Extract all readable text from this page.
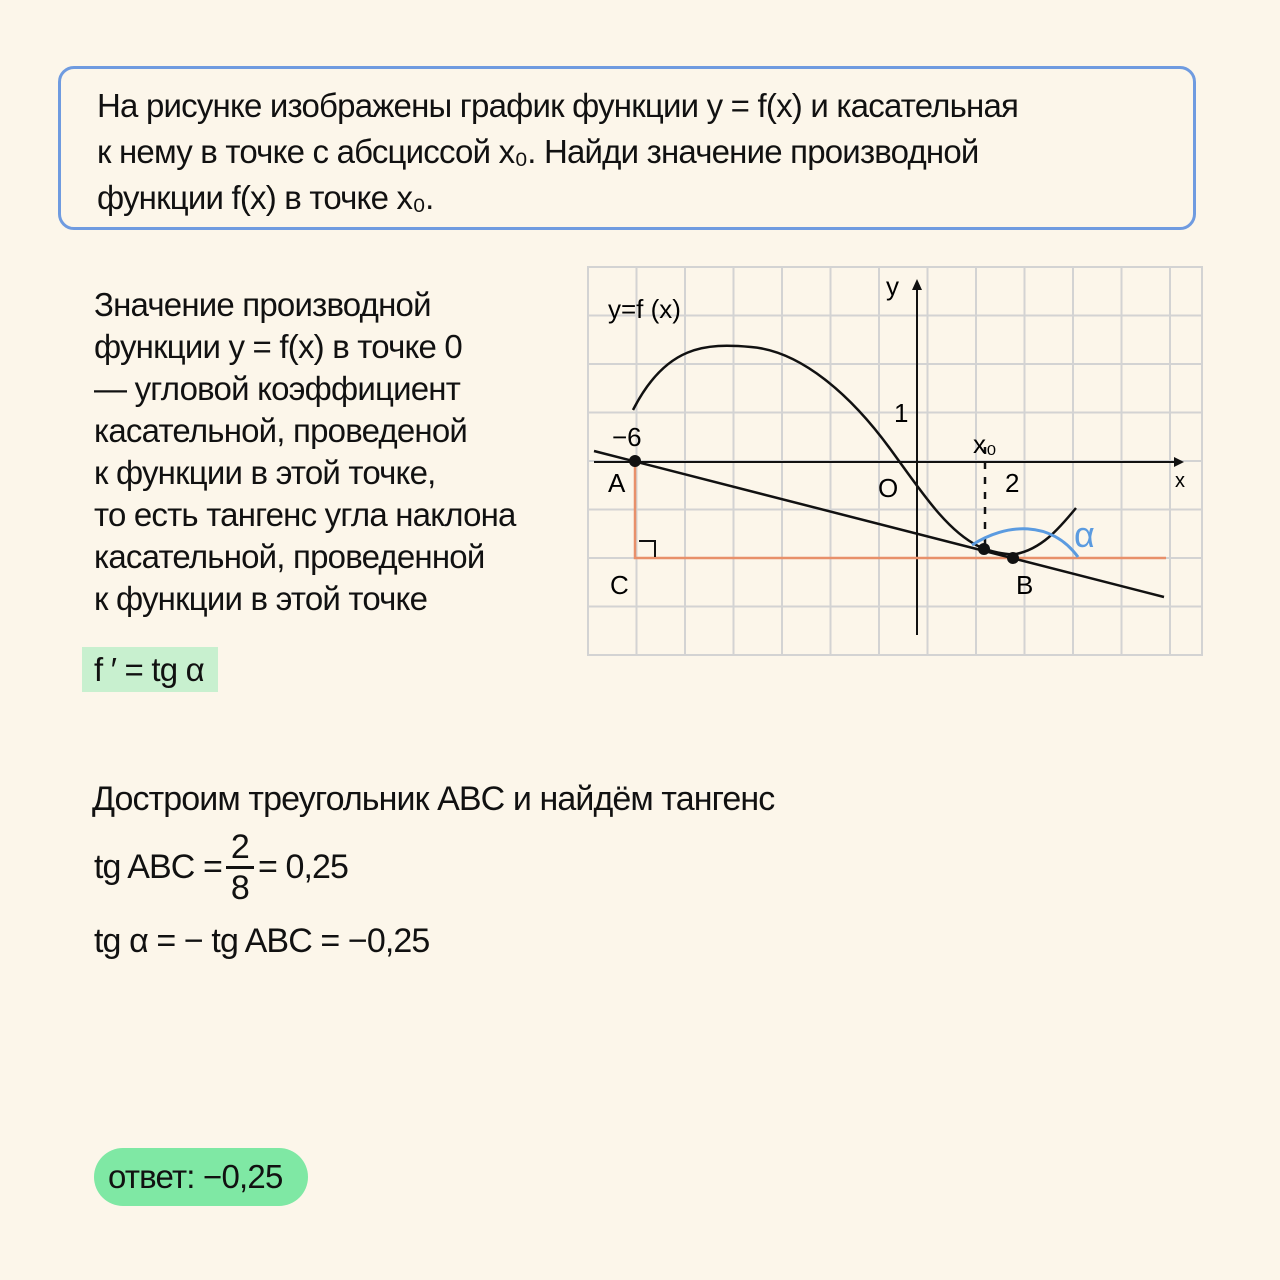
На рисунке изображены график функции y = f(x) и касательная
к нему в точке с абсциссой x₀. Найди значение производной
функции f(x) в точке x₀.
Значение производной
функции y = f(x) в точке 0
— угловой коэффициент
касательной, проведеной
к функции в этой точке,
то есть тангенс угла наклона
касательной, проведенной
к функции в этой точке
f ′ = tg α
y=f (x)
y
x
O
1
−6
2
x₀
A
B
C
α
Достроим треугольник ABC и найдём тангенс
tg ABC = $\frac{2}{8} = 0,25$
tg α = − tg ABC = −0,25
ответ: −0,25
